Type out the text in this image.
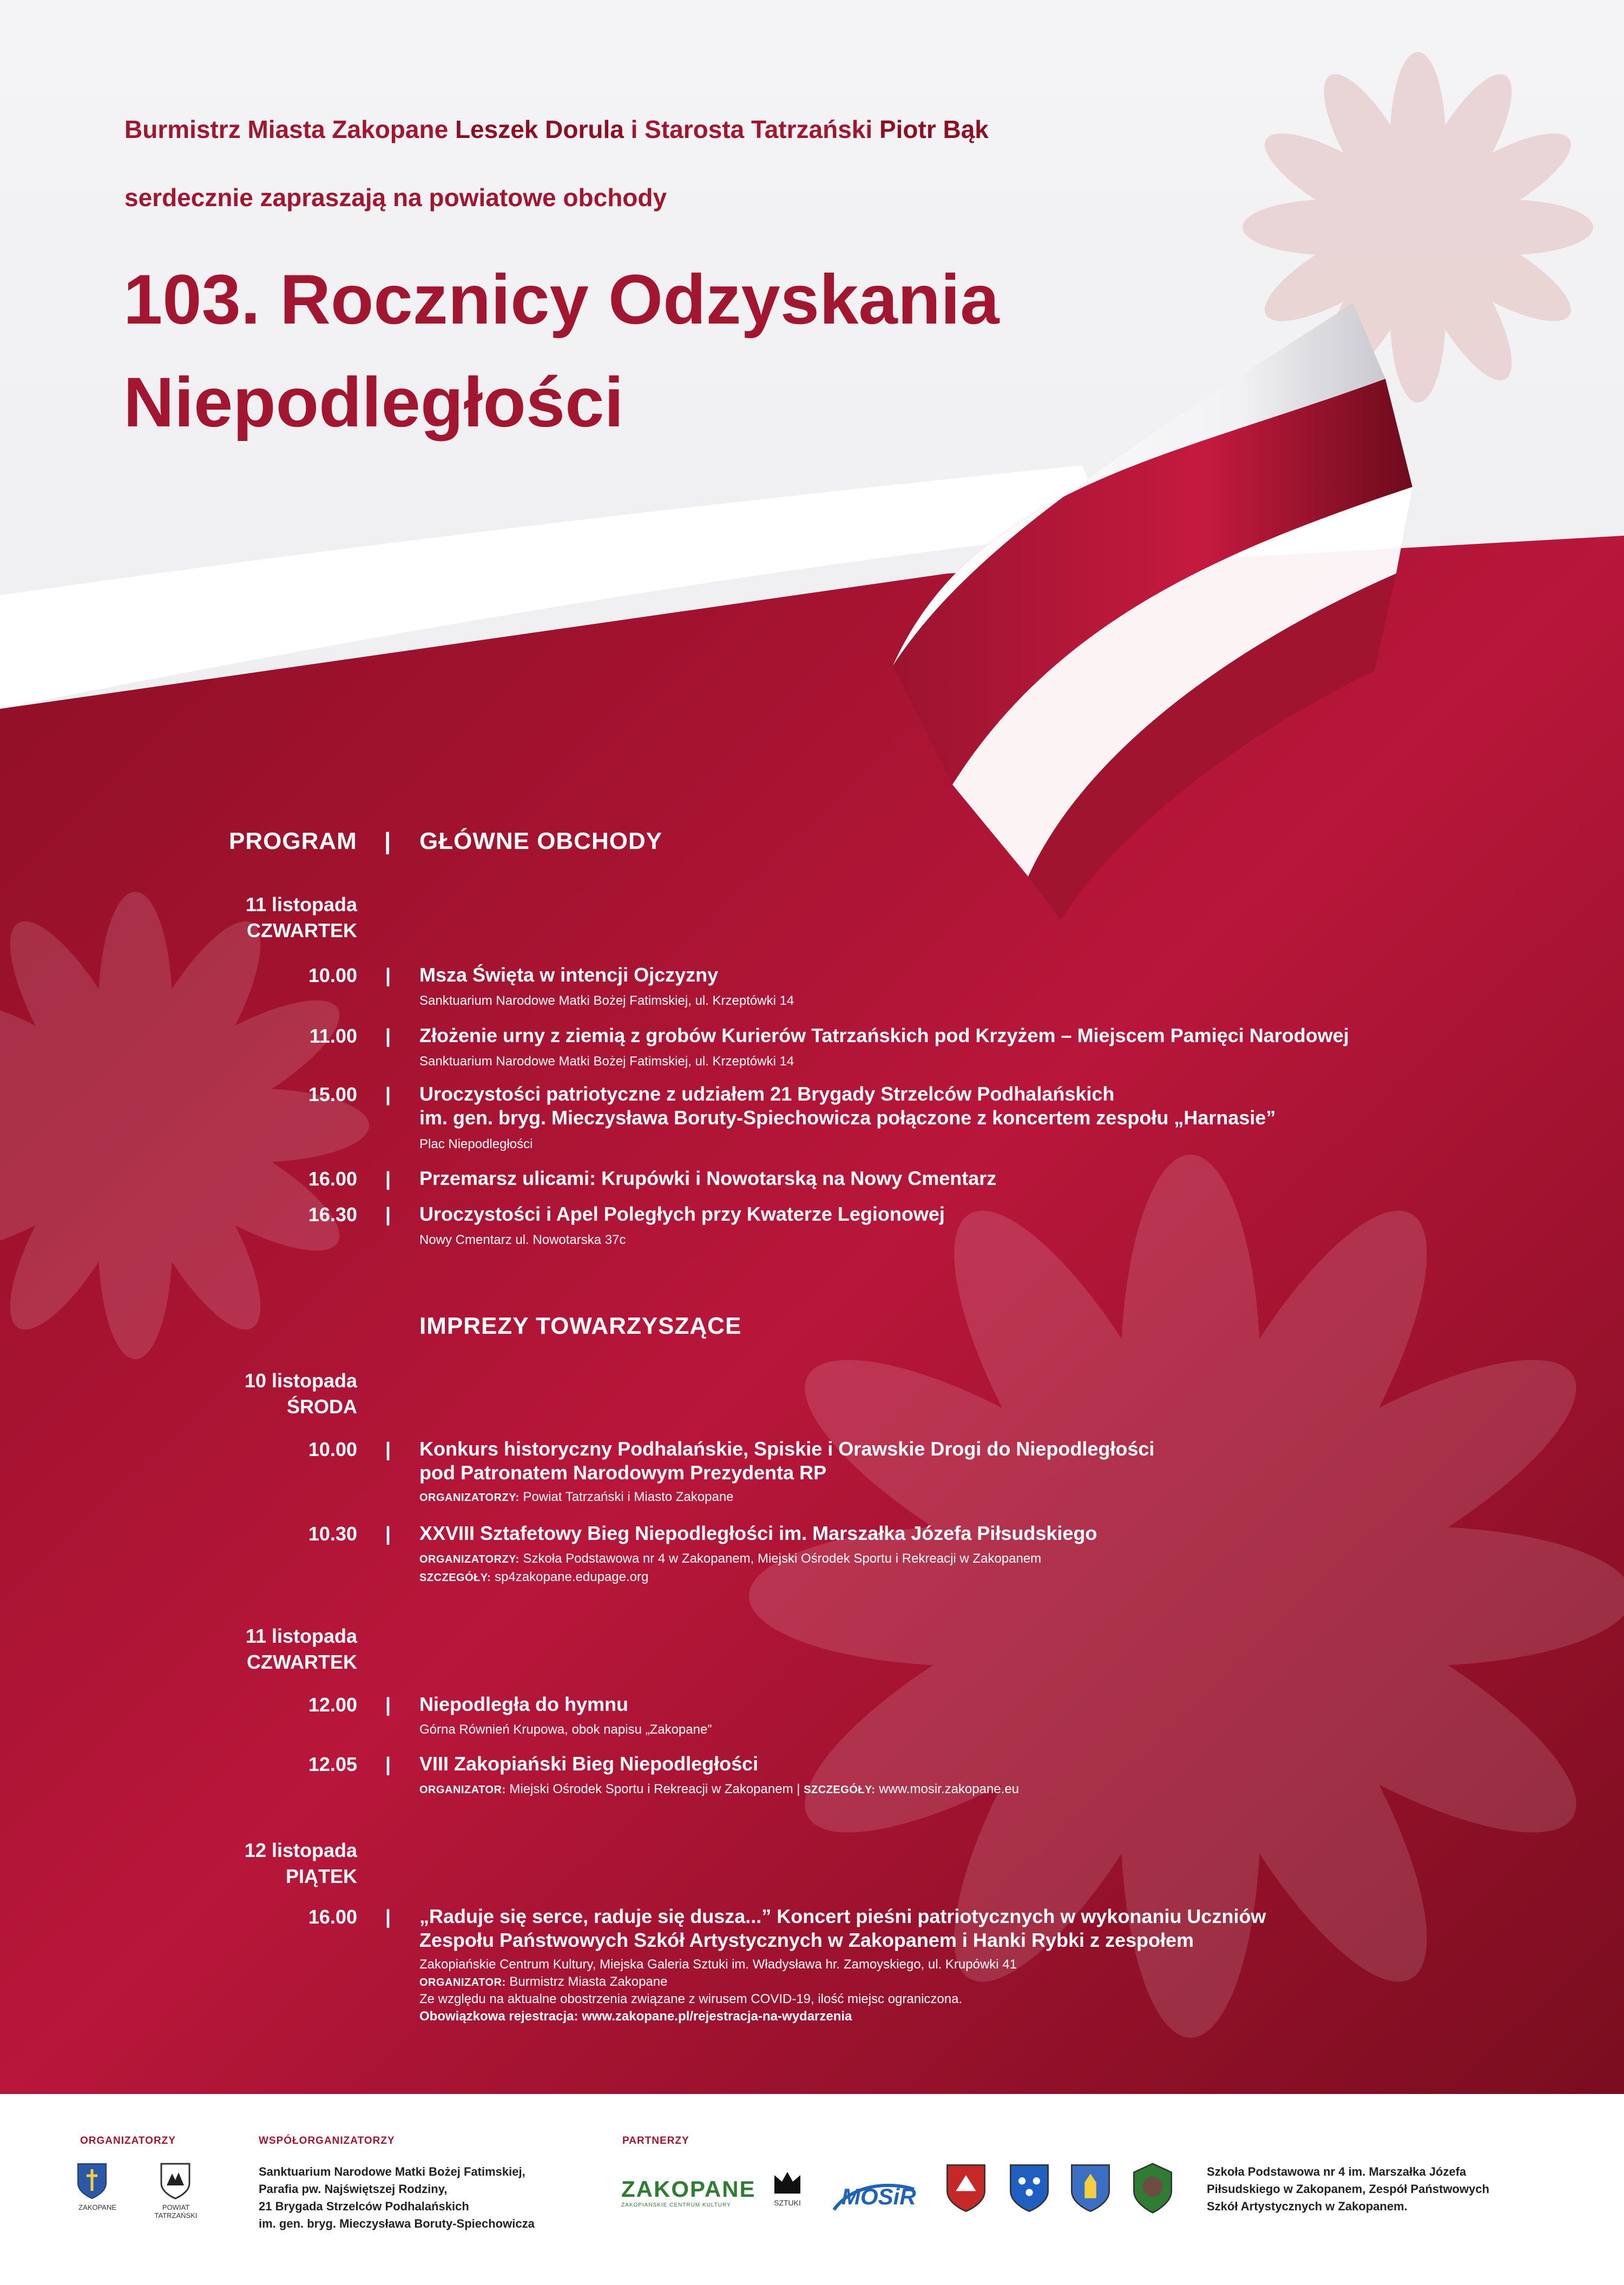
Burmistrz Miasta Zakopane Leszek Dorula i Starosta Tatrzański Piotr Bąk
serdecznie zapraszają na powiatowe obchody
103. Rocznicy Odzyskania
Niepodległości
PROGRAM | GŁÓWNE OBCHODY
11 listopada
CZWARTEK
10.00 | Msza Święta w intencji Ojczyzny
Sanktuarium Narodowe Matki Bożej Fatimskiej, ul. Krzeptówki 14
11.00 | Złożenie urny z ziemią z grobów Kurierów Tatrzańskich pod Krzyżem – Miejscem Pamięci Narodowej
Sanktuarium Narodowe Matki Bożej Fatimskiej, ul. Krzeptówki 14
15.00 | Uroczystości patriotyczne z udziałem 21 Brygady Strzelców Podhalańskich
im. gen. bryg. Mieczysława Boruty-Spiechowicza połączone z koncertem zespołu „Harnasie”
Plac Niepodległości
16.00 | Przemarsz ulicami: Krupówki i Nowotarską na Nowy Cmentarz
16.30 | Uroczystości i Apel Poległych przy Kwaterze Legionowej
Nowy Cmentarz ul. Nowotarska 37c
IMPREZY TOWARZYSZĄCE
10 listopada
ŚRODA
10.00 | Konkurs historyczny Podhalańskie, Spiskie i Orawskie Drogi do Niepodległości
pod Patronatem Narodowym Prezydenta RP
ORGANIZATORZY: Powiat Tatrzański i Miasto Zakopane
10.30 | XXVIII Sztafetowy Bieg Niepodległości im. Marszałka Józefa Piłsudskiego
ORGANIZATORZY: Szkoła Podstawowa nr 4 w Zakopanem, Miejski Ośrodek Sportu i Rekreacji w Zakopanem
SZCZEGÓŁY: sp4zakopane.edupage.org
11 listopada
CZWARTEK
12.00 | Niepodległa do hymnu
Górna Równień Krupowa, obok napisu „Zakopane”
12.05 | VIII Zakopiański Bieg Niepodległości
ORGANIZATOR: Miejski Ośrodek Sportu i Rekreacji w Zakopanem | SZCZEGÓŁY: www.mosir.zakopane.eu
12 listopada
PIĄTEK
16.00 | „Raduje się serce, raduje się dusza...” Koncert pieśni patriotycznych w wykonaniu Uczniów
Zespołu Państwowych Szkół Artystycznych w Zakopanem i Hanki Rybki z zespołem
Zakopiańskie Centrum Kultury, Miejska Galeria Sztuki im. Władysława hr. Zamoyskiego, ul. Krupówki 41
ORGANIZATOR: Burmistrz Miasta Zakopane
Ze względu na aktualne obostrzenia związane z wirusem COVID-19, ilość miejsc ograniczona.
Obowiązkowa rejestracja: www.zakopane.pl/rejestracja-na-wydarzenia
ORGANIZATORZY
ZAKOPANE	POWIAT TATRZAŃSKI
WSPÓŁORGANIZATORZY
Sanktuarium Narodowe Matki Bożej Fatimskiej,
Parafia pw. Najświętszej Rodziny,
21 Brygada Strzelców Podhalańskich
im. gen. bryg. Mieczysława Boruty-Spiechowicza
PARTNERZY
ZAKOPANE
ZAKOPIAŃSKIE CENTRUM KULTURY	SZTUKI MOSiR
Szkoła Podstawowa nr 4 im. Marszałka Józefa
Piłsudskiego w Zakopanem, Zespół Państwowych
Szkół Artystycznych w Zakopanem.
